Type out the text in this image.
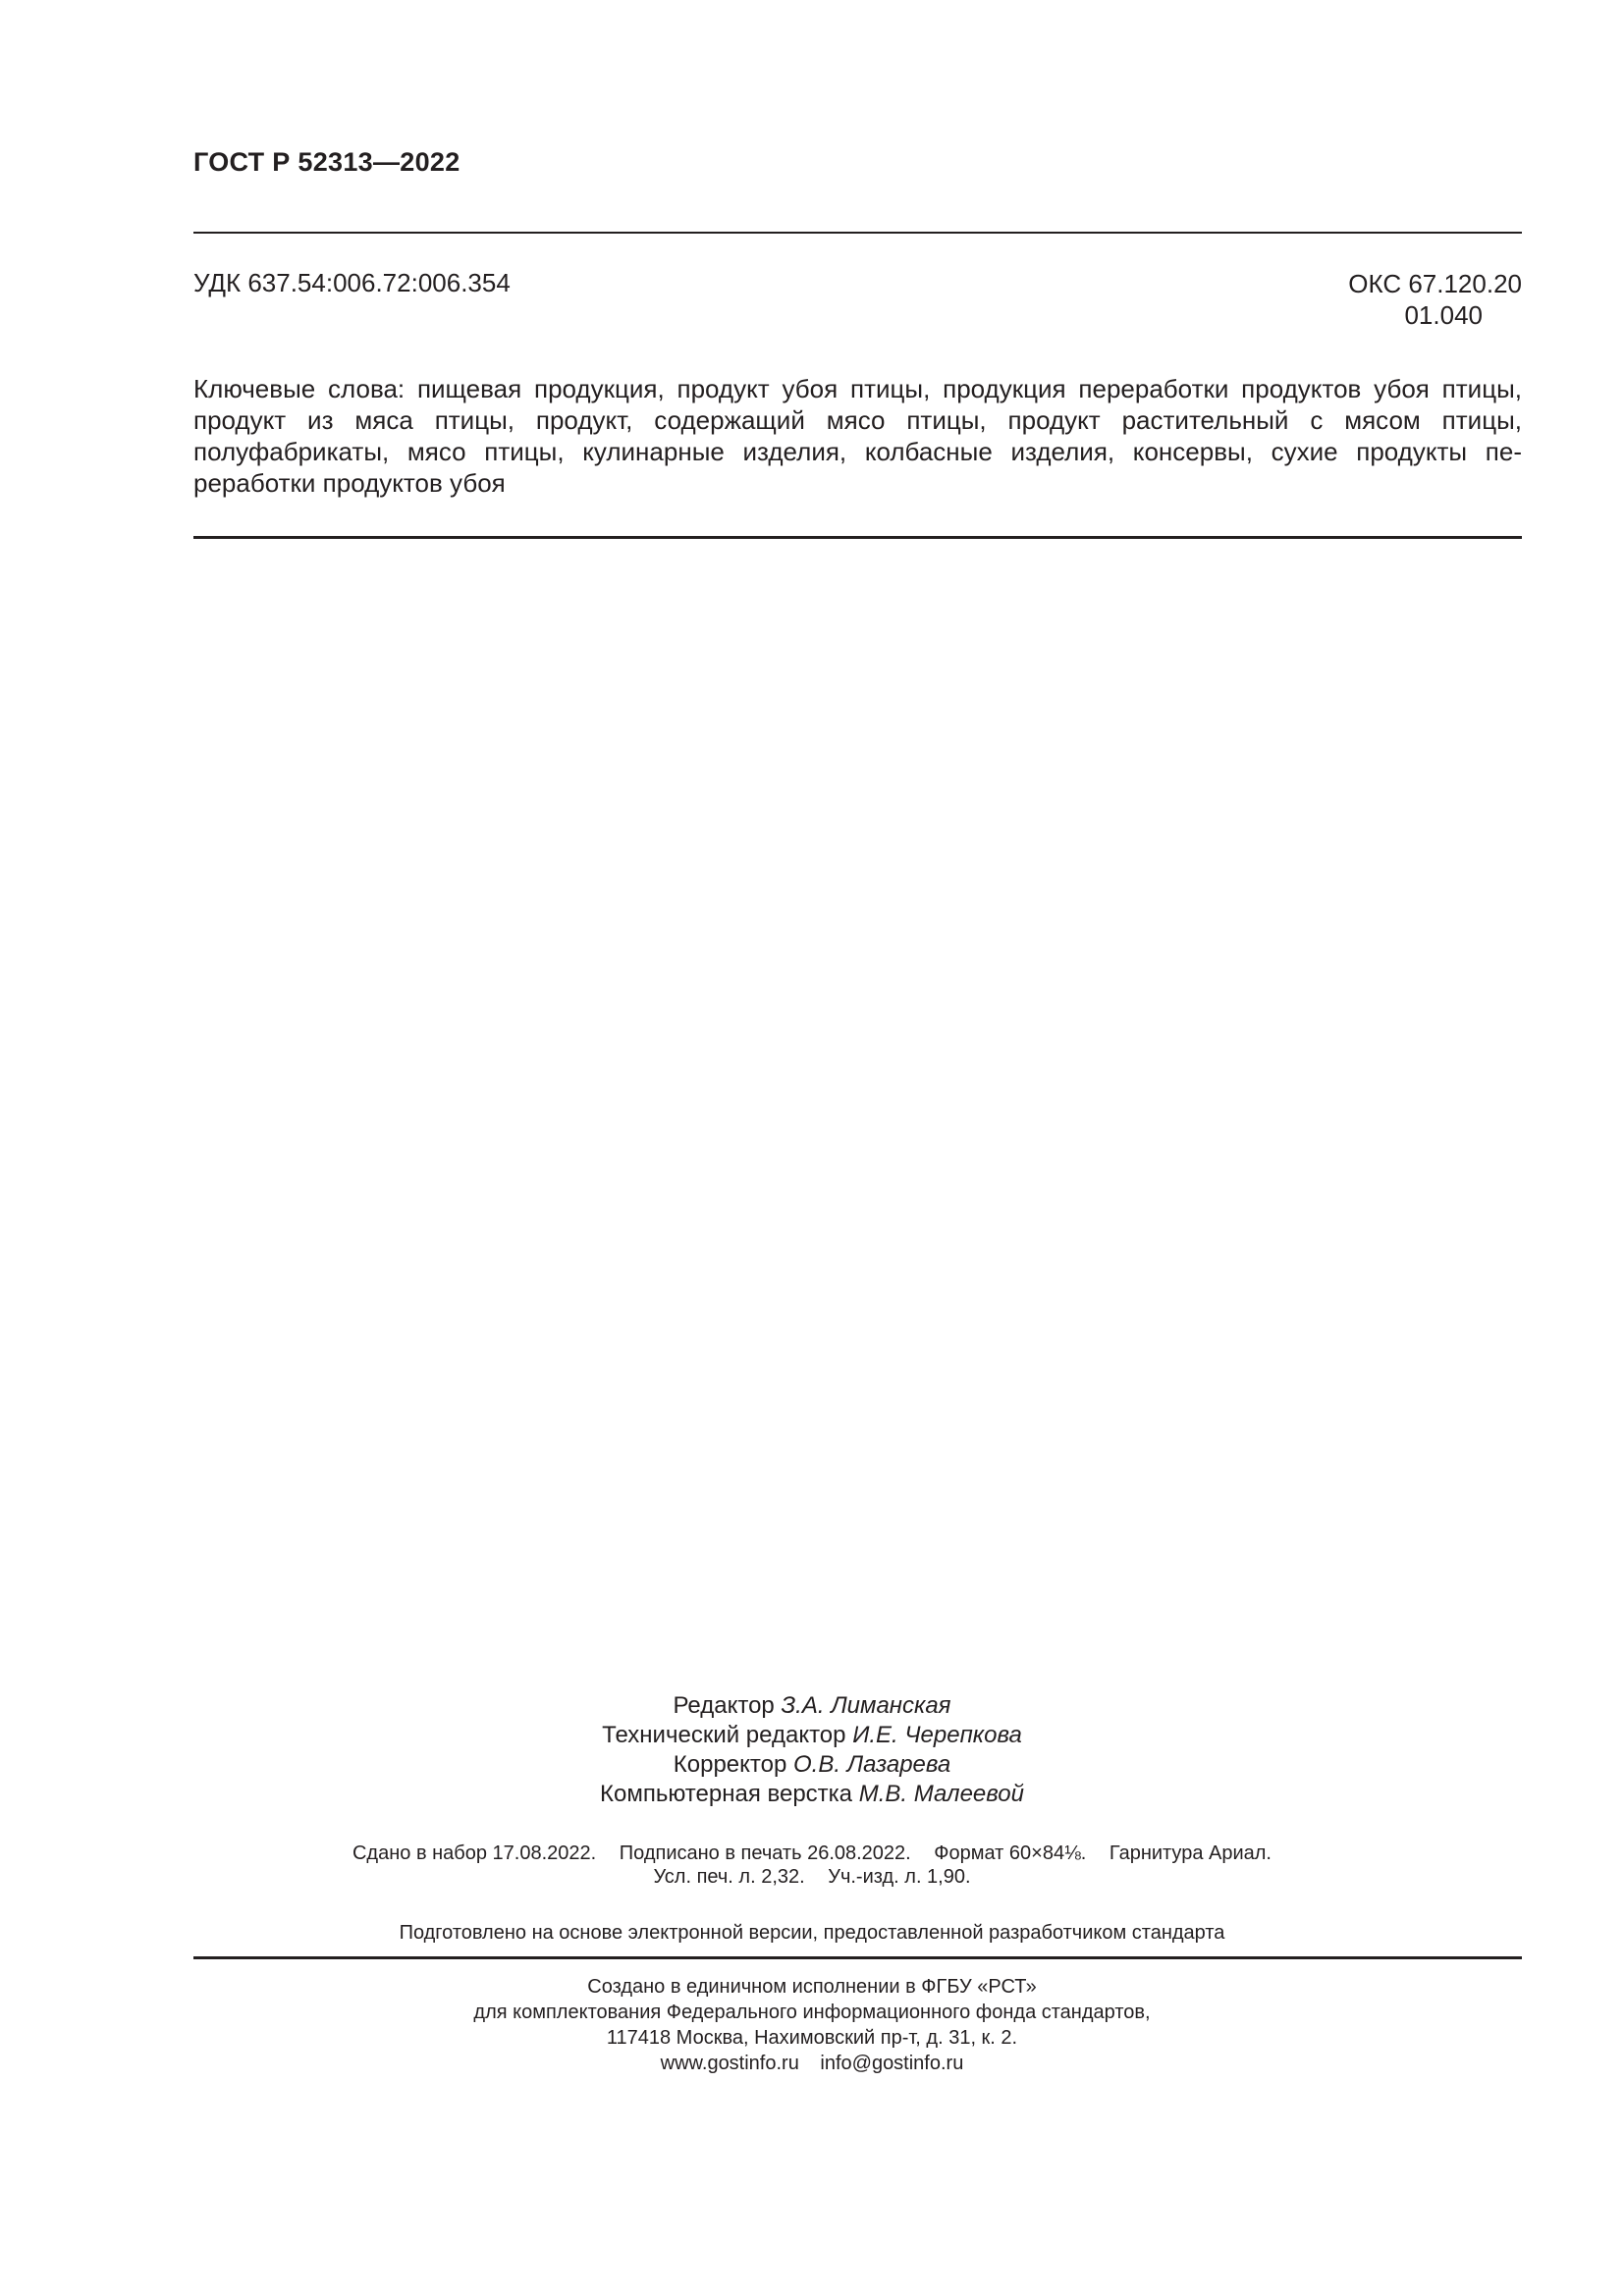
ГОСТ Р 52313—2022
УДК 637.54:006.72:006.354	ОКС 67.120.20

01.040
Ключевые слова: пищевая продукция, продукт убоя птицы, продукция переработки продуктов убоя птицы, продукт из мяса птицы, продукт, содержащий мясо птицы, продукт растительный с мясом птицы, полуфабрикаты, мясо птицы, кулинарные изделия, колбасные изделия, консервы, сухие продукты переработки продуктов убоя
Редактор З.А. Лиманская
Технический редактор И.Е. Черепкова
Корректор О.В. Лазарева
Компьютерная верстка М.В. Малеевой
Сдано в набор 17.08.2022. Подписано в печать 26.08.2022. Формат 60×84⅛. Гарнитура Ариал.
Усл. печ. л. 2,32. Уч.-изд. л. 1,90.
Подготовлено на основе электронной версии, предоставленной разработчиком стандарта
Создано в единичном исполнении в ФГБУ «РСТ»
для комплектования Федерального информационного фонда стандартов,
117418 Москва, Нахимовский пр-т, д. 31, к. 2.
www.gostinfo.ru info@gostinfo.ru
